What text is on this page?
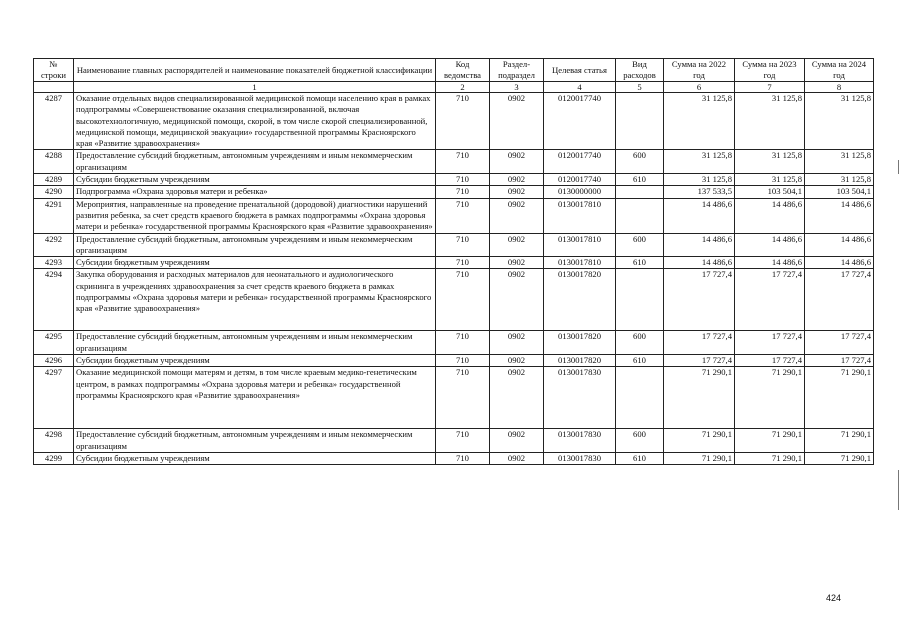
№ строки	Наименование главных распорядителей и наименование показателей бюджетной классификации	Код ведомства	Раздел-подраздел	Целевая статья	Вид расходов	Сумма на 2022 год	Сумма на 2023 год	Сумма на 2024 год
	1	2	3	4	5	6	7	8
4287	Оказание отдельных видов специализированной медицинской помощи населению края в рамках подпрограммы «Совершенствование оказания специализированной, включая высокотехнологичную, медицинской помощи, скорой, в том числе скорой специализированной, медицинской помощи, медицинской эвакуации» государственной программы Красноярского края «Развитие здравоохранения»	710	0902	0120017740		31 125,8	31 125,8	31 125,8
4288	Предоставление субсидий бюджетным, автономным учреждениям и иным некоммерческим организациям	710	0902	0120017740	600	31 125,8	31 125,8	31 125,8
4289	Субсидии бюджетным учреждениям	710	0902	0120017740	610	31 125,8	31 125,8	31 125,8
4290	Подпрограмма «Охрана здоровья матери и ребенка»	710	0902	0130000000		137 533,5	103 504,1	103 504,1
4291	Мероприятия, направленные на проведение пренатальной (дородовой) диагностики нарушений развития ребенка, за счет средств краевого бюджета в рамках подпрограммы «Охрана здоровья матери и ребенка» государственной программы Красноярского края «Развитие здравоохранения»	710	0902	0130017810		14 486,6	14 486,6	14 486,6
4292	Предоставление субсидий бюджетным, автономным учреждениям и иным некоммерческим организациям	710	0902	0130017810	600	14 486,6	14 486,6	14 486,6
4293	Субсидии бюджетным учреждениям	710	0902	0130017810	610	14 486,6	14 486,6	14 486,6
4294	Закупка оборудования и расходных материалов для неонатального и аудиологического скрининга в учреждениях здравоохранения за счет средств краевого бюджета в рамках подпрограммы «Охрана здоровья матери и ребенка» государственной программы Красноярского края «Развитие здравоохранения»	710	0902	0130017820		17 727,4	17 727,4	17 727,4
4295	Предоставление субсидий бюджетным, автономным учреждениям и иным некоммерческим организациям	710	0902	0130017820	600	17 727,4	17 727,4	17 727,4
4296	Субсидии бюджетным учреждениям	710	0902	0130017820	610	17 727,4	17 727,4	17 727,4
4297	Оказание медицинской помощи матерям и детям, в том числе краевым медико-генетическим центром, в рамках подпрограммы «Охрана здоровья матери и ребенка» государственной программы Красноярского края «Развитие здравоохранения»	710	0902	0130017830		71 290,1	71 290,1	71 290,1
4298	Предоставление субсидий бюджетным, автономным учреждениям и иным некоммерческим организациям	710	0902	0130017830	600	71 290,1	71 290,1	71 290,1
4299	Субсидии бюджетным учреждениям	710	0902	0130017830	610	71 290,1	71 290,1	71 290,1
424
